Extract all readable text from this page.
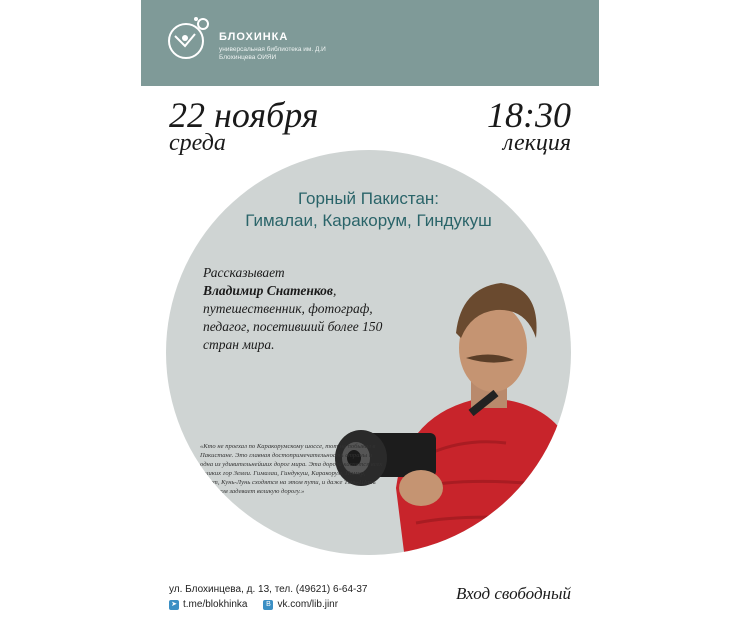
БЛОХИНКА
универсальная библиотека им. Д.И Блохинцева ОИЯИ
22 ноября
среда
18:30
лекция
Горный Пакистан:
Гималаи, Каракорум, Гиндукуш
Рассказывает
Владимир Снатенков, путешественник, фотограф, педагог, посетивший более 150 стран мира.
«Кто не проехал по Каракорумскому шоссе, тот не побывал в Пакистане. Это главная достопримечательность страны и одна из удивительнейших дорог мира. Эта дорога касается всех великих гор Земли. Гималаи, Гиндукуш, Каракорум, Памир, Тибет, Кунь-Лунь сходятся на этом пути, и даже Тянь-Шань краешком задевает великую дорогу.»
ул. Блохинцева, д. 13, тел. (49621) 6-64-37
➤ t.me/blokhinka	В vk.com/lib.jinr
Вход свободный
